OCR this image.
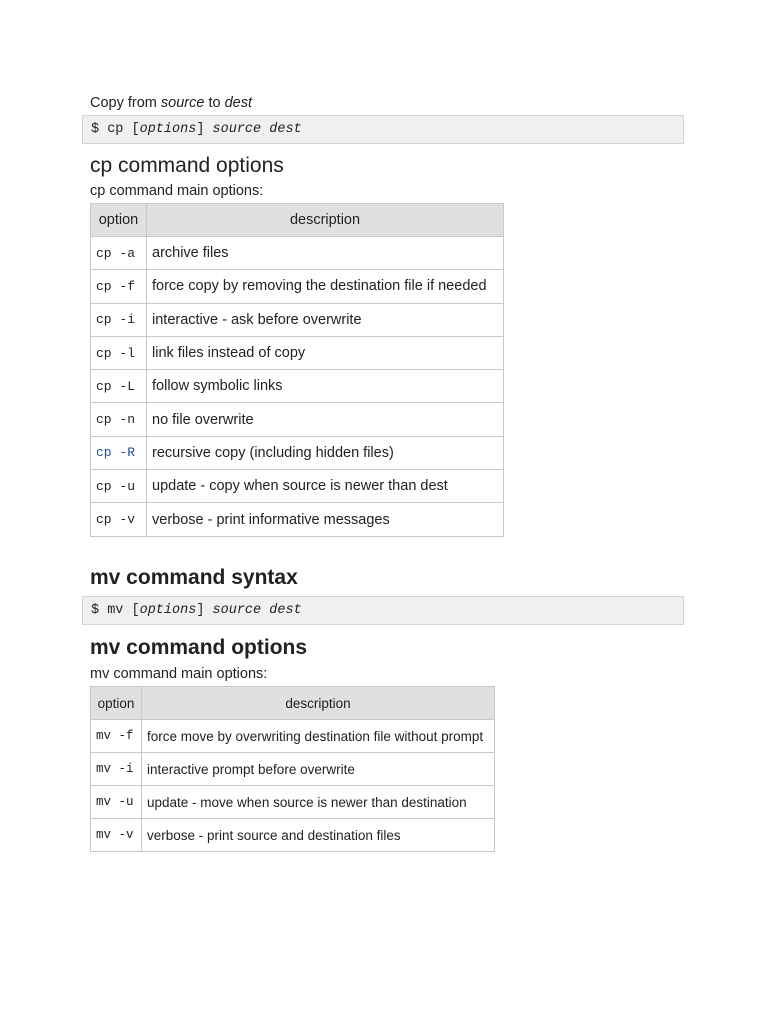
Copy from source to dest
$ cp [options] source dest
cp command options
cp command main options:
option	description
cp -a	archive files
cp -f	force copy by removing the destination file if needed
cp -i	interactive - ask before overwrite
cp -l	link files instead of copy
cp -L	follow symbolic links
cp -n	no file overwrite
cp -R	recursive copy (including hidden files)
cp -u	update - copy when source is newer than dest
cp -v	verbose - print informative messages
mv command syntax
$ mv [options] source dest
mv command options
mv command main options:
option	description
mv -f	force move by overwriting destination file without prompt
mv -i	interactive prompt before overwrite
mv -u	update - move when source is newer than destination
mv -v	verbose - print source and destination files
